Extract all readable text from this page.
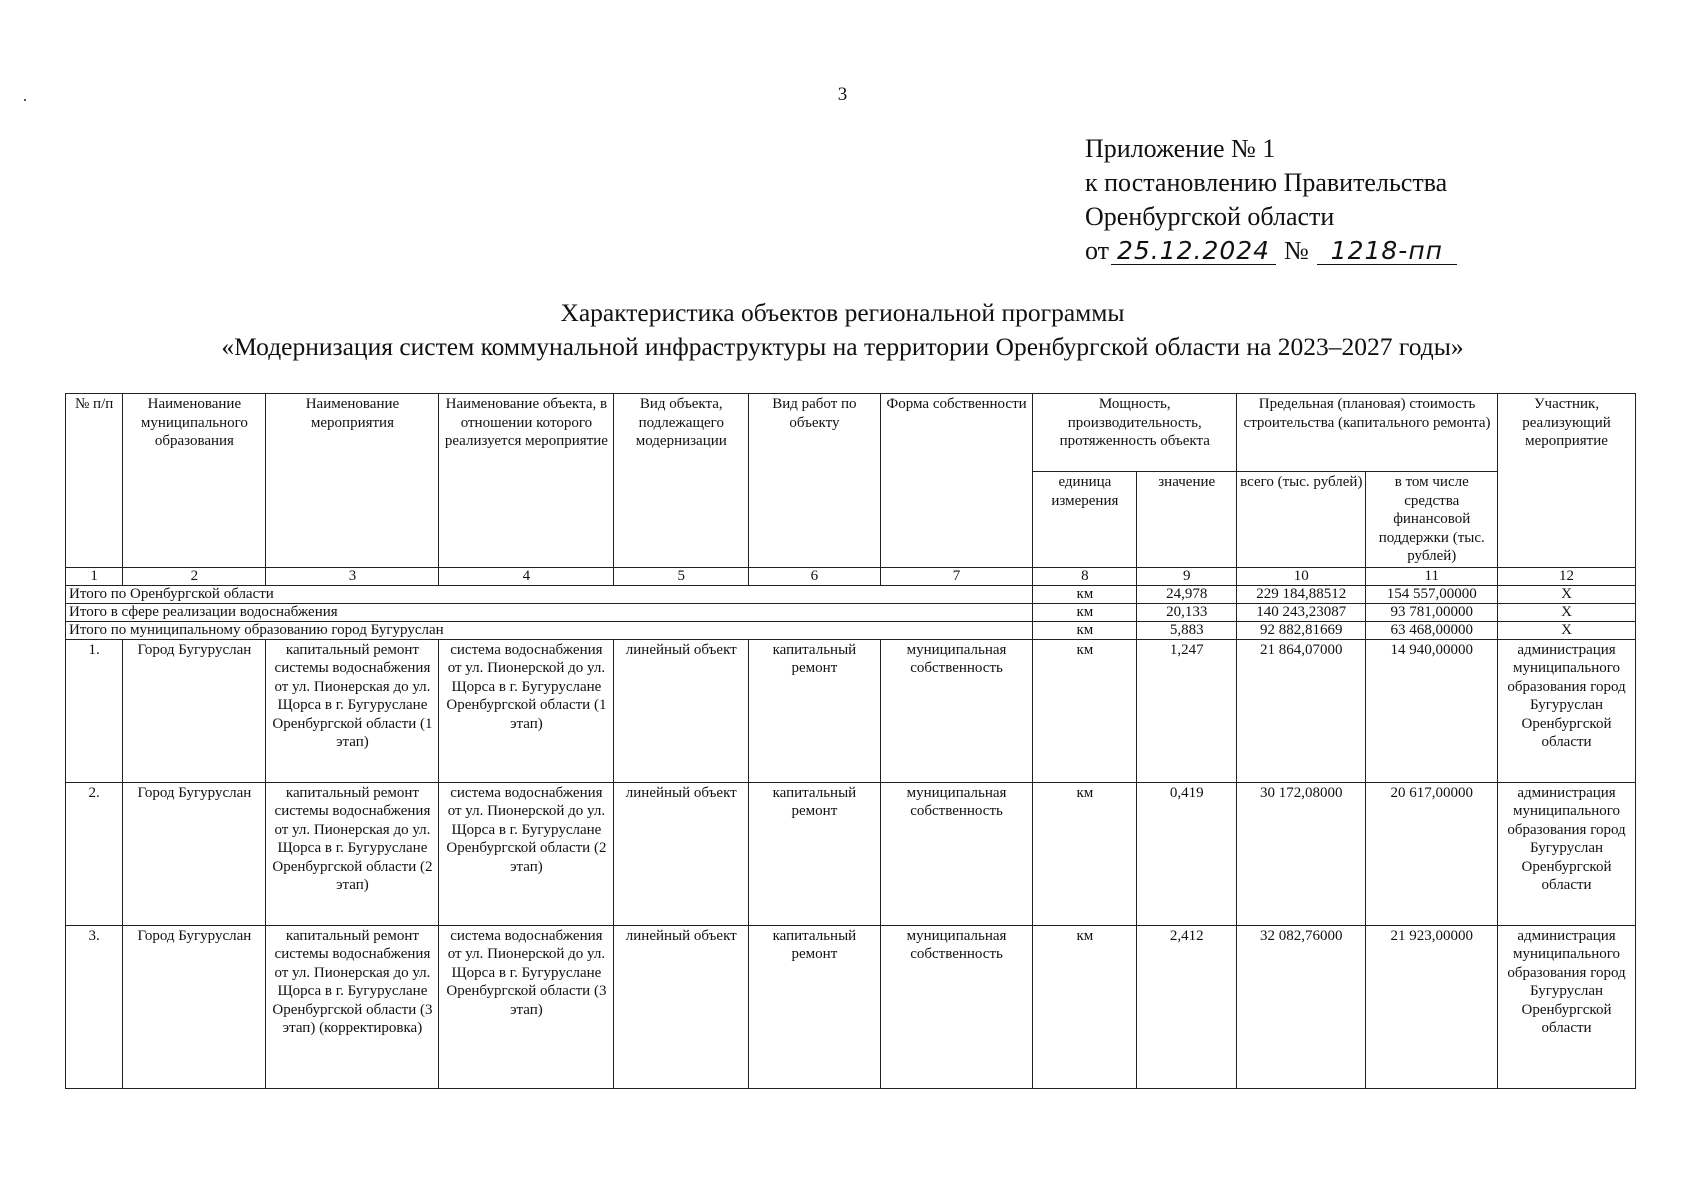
3
Приложение № 1
к постановлению Правительства
Оренбургской области
от 25.12.2024 № 1218-пп
Характеристика объектов региональной программы
«Модернизация систем коммунальной инфраструктуры на территории Оренбургской области на 2023–2027 годы»
№ п/п	Наименование муниципального образования	Наименование мероприятия	Наименование объекта, в отношении которого реализуется мероприятие	Вид объекта, подлежащего модернизации	Вид работ по объекту	Форма собственности	Мощность, производительность, протяженность объекта		Предельная (плановая) стоимость строительства (капитального ремонта)		Участник, реализующий мероприятие
							единица измерения	значение	всего (тыс. рублей)	в том числе средства финансовой поддержки (тыс. рублей)	
1	2	3	4	5	6	7	8	9	10	11	12
Итого по Оренбургской области							км	24,978	229 184,88512	154 557,00000	Х
Итого в сфере реализации водоснабжения							км	20,133	140 243,23087	93 781,00000	Х
Итого по муниципальному образованию город Бугуруслан							км	5,883	92 882,81669	63 468,00000	Х
1.	Город Бугуруслан	капитальный ремонт системы водоснабжения от ул. Пионерская до ул. Щорса в г. Бугуруслане Оренбургской области (1 этап)	система водоснабжения от ул. Пионерской до ул. Щорса в г. Бугуруслане Оренбургской области (1 этап)	линейный объект	капитальный ремонт	муниципальная собственность	км	1,247	21 864,07000	14 940,00000	администрация муниципального образования город Бугуруслан Оренбургской области
2.	Город Бугуруслан	капитальный ремонт системы водоснабжения от ул. Пионерская до ул. Щорса в г. Бугуруслане Оренбургской области (2 этап)	система водоснабжения от ул. Пионерской до ул. Щорса в г. Бугуруслане Оренбургской области (2 этап)	линейный объект	капитальный ремонт	муниципальная собственность	км	0,419	30 172,08000	20 617,00000	администрация муниципального образования город Бугуруслан Оренбургской области
3.	Город Бугуруслан	капитальный ремонт системы водоснабжения от ул. Пионерская до ул. Щорса в г. Бугуруслане Оренбургской области (3 этап) (корректировка)	система водоснабжения от ул. Пионерской до ул. Щорса в г. Бугуруслане Оренбургской области (3 этап)	линейный объект	капитальный ремонт	муниципальная собственность	км	2,412	32 082,76000	21 923,00000	администрация муниципального образования город Бугуруслан Оренбургской области
